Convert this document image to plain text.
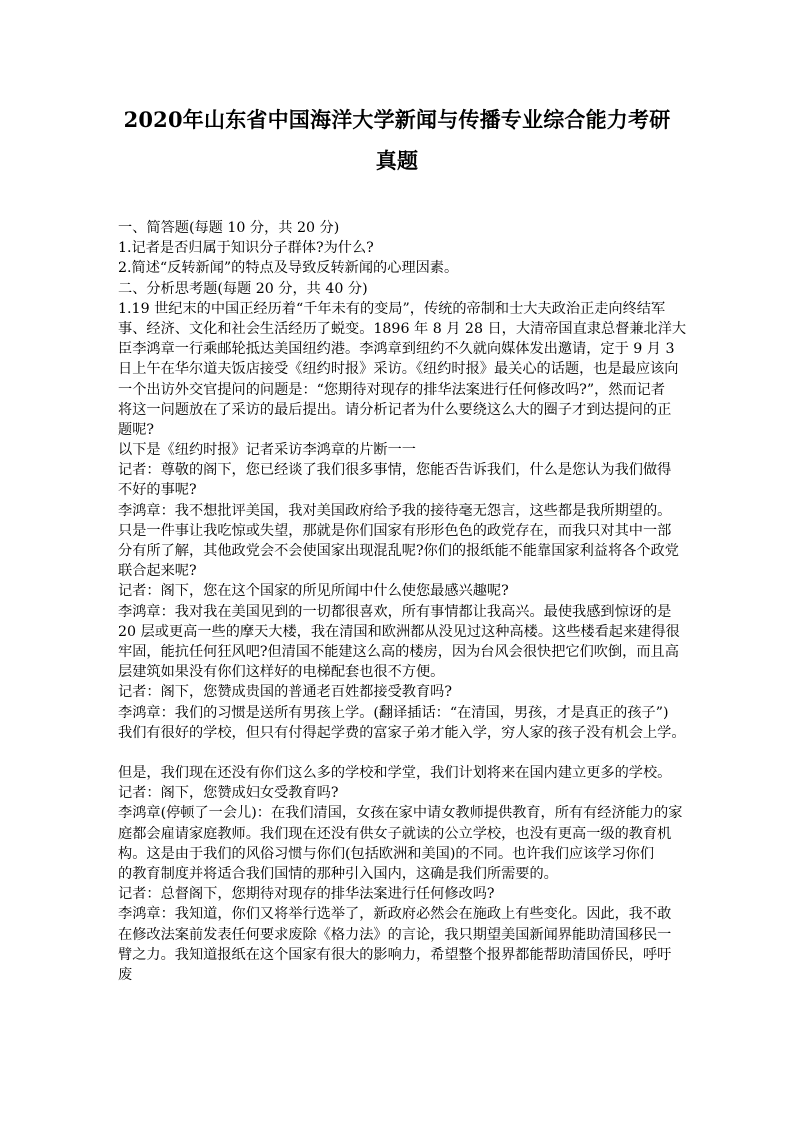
2020年山东省中国海洋大学新闻与传播专业综合能力考研
真题
一、简答题(每题 10 分，共 20 分)
1.记者是否归属于知识分子群体?为什么?
2.简述“反转新闻”的特点及导致反转新闻的心理因素。
二、分析思考题(每题 20 分，共 40 分)
1.19 世纪末的中国正经历着“千年未有的变局”，传统的帝制和士大夫政治正走向终结军
事、经济、文化和社会生活经历了蜕变。1896 年 8 月 28 日，大清帝国直隶总督兼北洋大
臣李鸿章一行乘邮轮抵达美国纽约港。李鸿章到纽约不久就向媒体发出邀请，定于 9 月 3
日上午在华尔道夫饭店接受《纽约时报》采访。《纽约时报》最关心的话题，也是最应该向
一个出访外交官提问的问题是：“您期待对现存的排华法案进行任何修改吗?”，然而记者
将这一问题放在了采访的最后提出。请分析记者为什么要绕这么大的圈子才到达提问的正
题呢?
以下是《纽约时报》记者采访李鸿章的片断一一
记者：尊敬的阁下，您已经谈了我们很多事情，您能否告诉我们，什么是您认为我们做得
不好的事呢?
李鸿章：我不想批评美国，我对美国政府给予我的接待毫无怨言，这些都是我所期望的。
只是一件事让我吃惊或失望，那就是你们国家有形形色色的政党存在，而我只对其中一部
分有所了解，其他政党会不会使国家出现混乱呢?你们的报纸能不能靠国家利益将各个政党
联合起来呢?
记者：阁下，您在这个国家的所见所闻中什么使您最感兴趣呢?
李鸿章：我对我在美国见到的一切都很喜欢，所有事情都让我高兴。最使我感到惊讶的是
20 层或更高一些的摩天大楼，我在清国和欧洲都从没见过这种高楼。这些楼看起来建得很
牢固，能抗任何狂风吧?但清国不能建这么高的楼房，因为台风会很快把它们吹倒，而且高
层建筑如果没有你们这样好的电梯配套也很不方便。
记者：阁下，您赞成贵国的普通老百姓都接受教育吗?
李鸿章：我们的习惯是送所有男孩上学。(翻译插话：“在清国，男孩，才是真正的孩子”)
我们有很好的学校，但只有付得起学费的富家子弟才能入学，穷人家的孩子没有机会上学。
但是，我们现在还没有你们这么多的学校和学堂，我们计划将来在国内建立更多的学校。
记者：阁下，您赞成妇女受教育吗?
李鸿章(停顿了一会儿)：在我们清国，女孩在家中请女教师提供教育，所有有经济能力的家
庭都会雇请家庭教师。我们现在还没有供女子就读的公立学校，也没有更高一级的教育机
构。这是由于我们的风俗习惯与你们(包括欧洲和美国)的不同。也许我们应该学习你们
的教育制度并将适合我们国情的那种引入国内，这确是我们所需要的。
记者：总督阁下，您期待对现存的排华法案进行任何修改吗?
李鸿章：我知道，你们又将举行选举了，新政府必然会在施政上有些变化。因此，我不敢
在修改法案前发表任何要求废除《格力法》的言论，我只期望美国新闻界能助清国移民一
臂之力。我知道报纸在这个国家有很大的影响力，希望整个报界都能帮助清国侨民，呼吁
废
